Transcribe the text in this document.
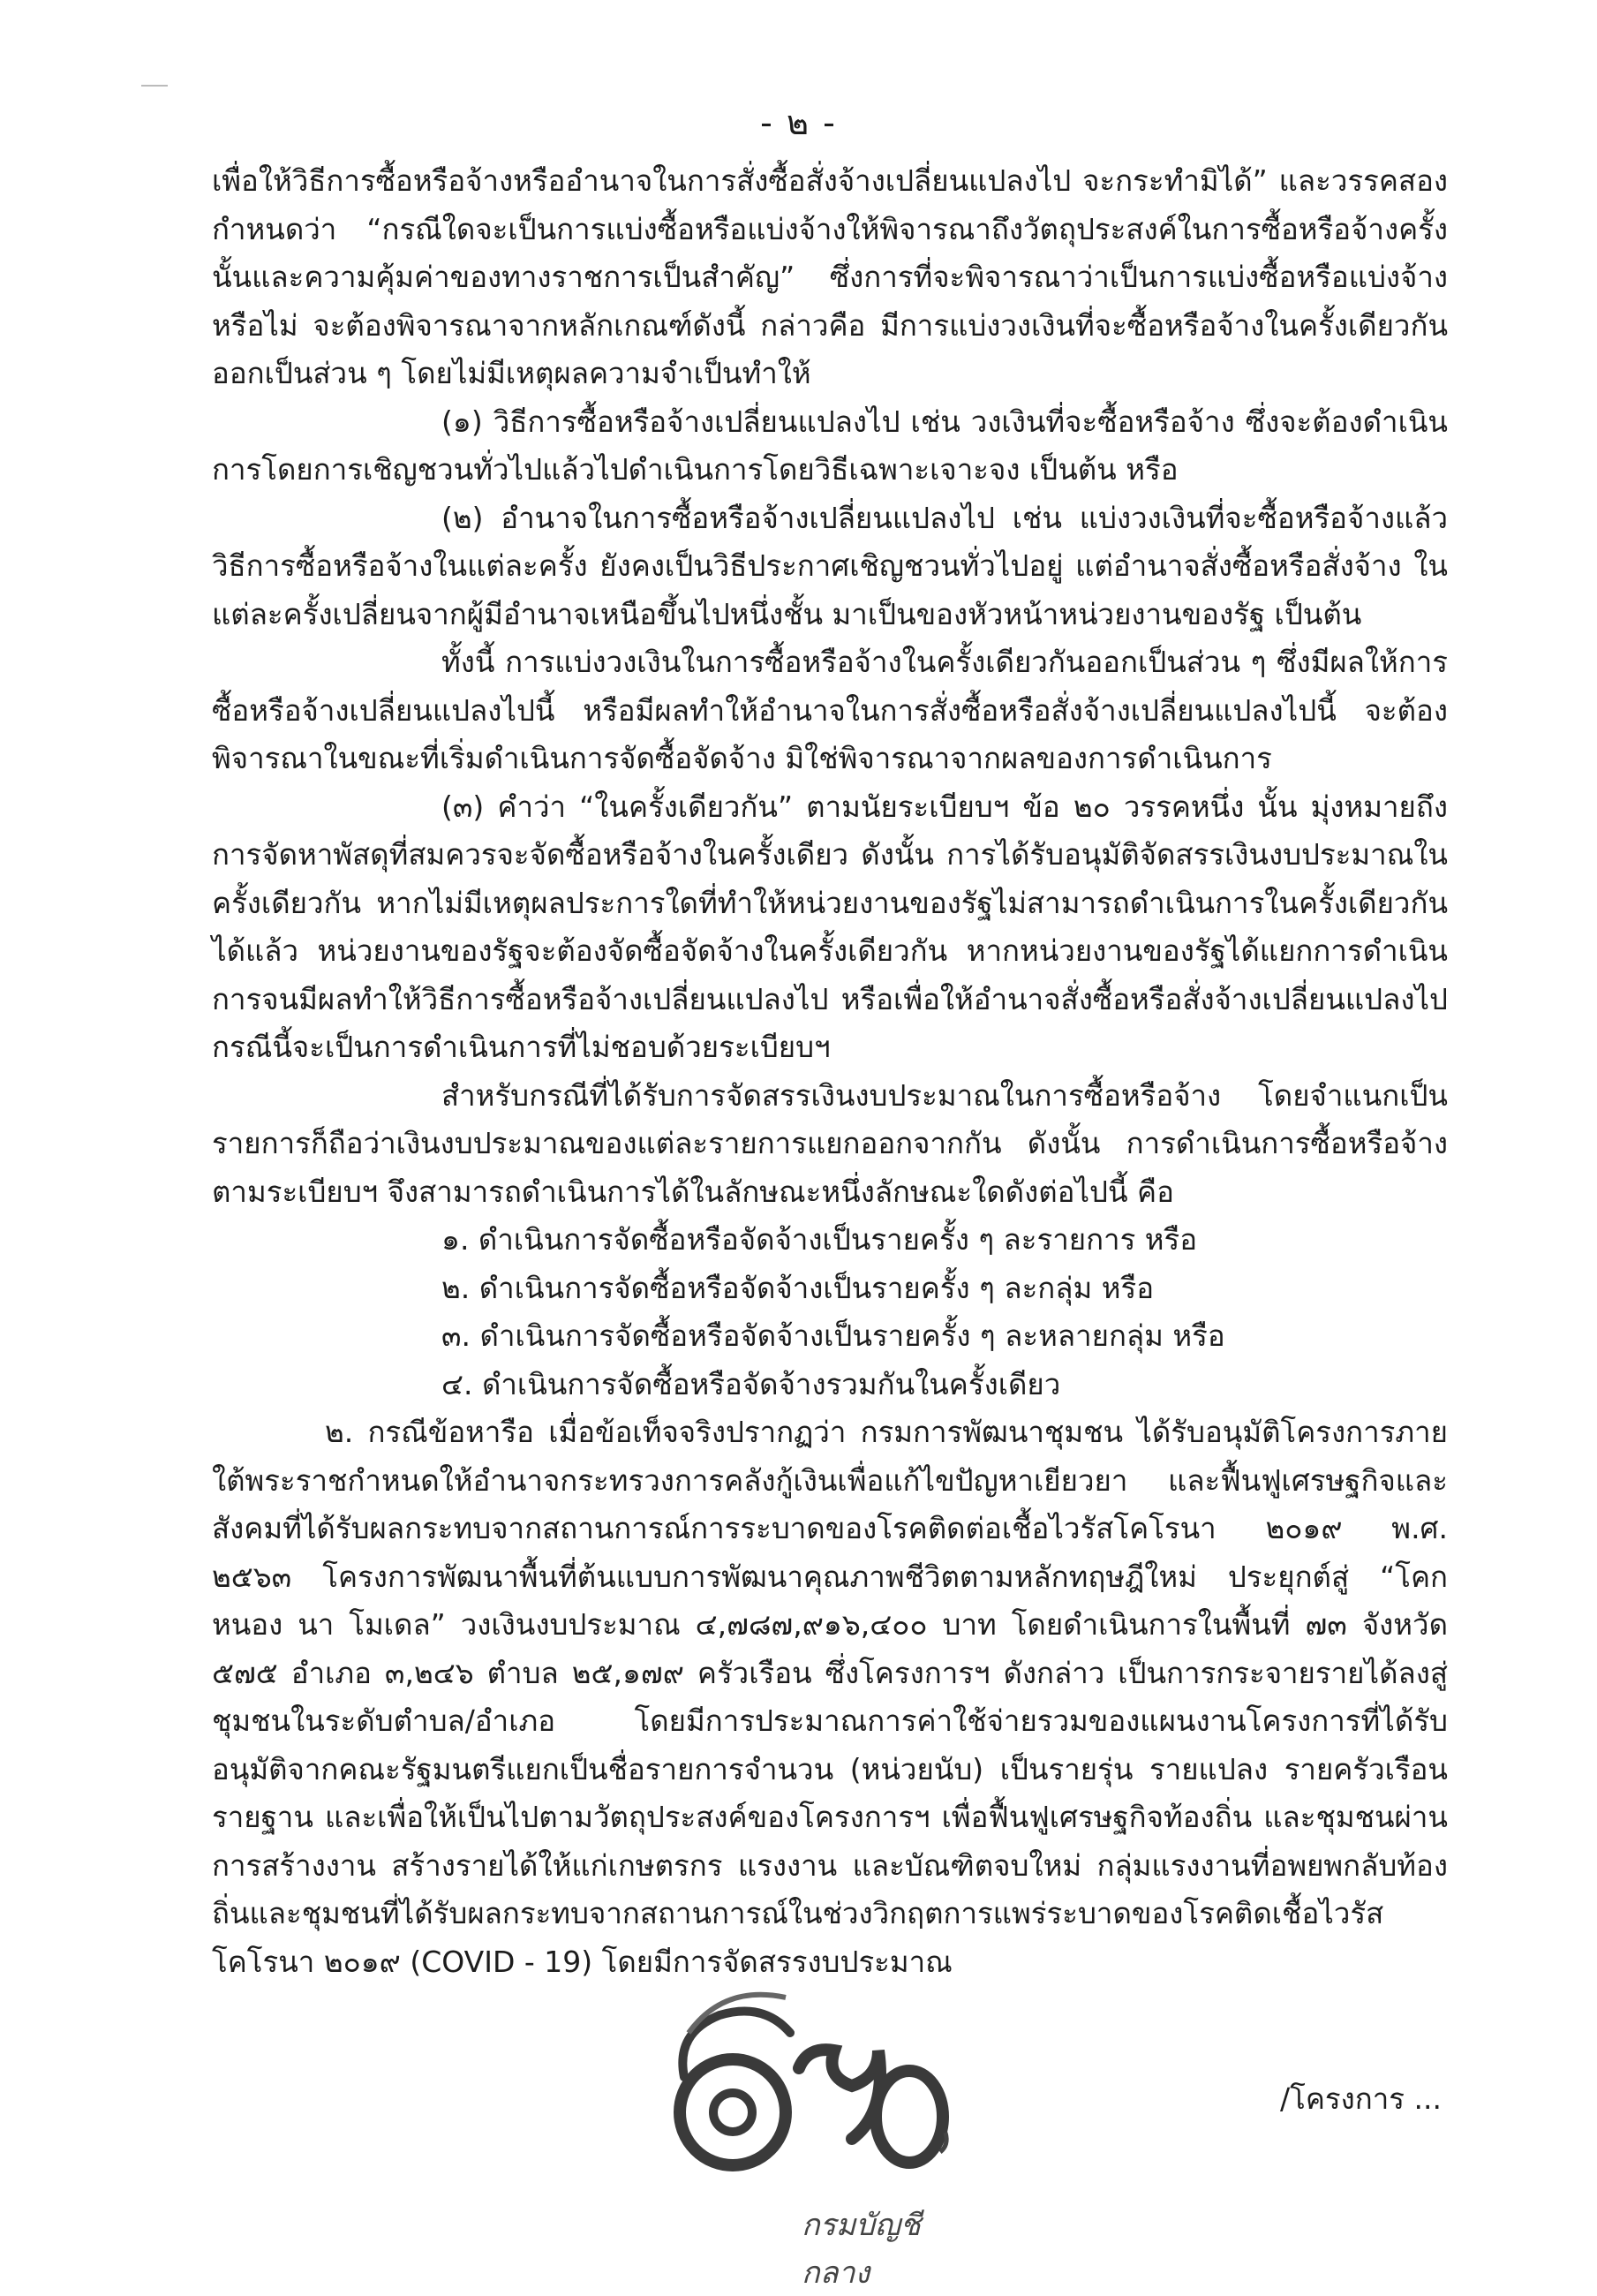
- ๒ -

เพื่อให้วิธีการซื้อหรือจ้างหรืออำนาจในการสั่งซื้อสั่งจ้างเปลี่ยนแปลงไป จะกระทำมิได้” และวรรคสอง กำหนดว่า “กรณีใดจะเป็นการแบ่งซื้อหรือแบ่งจ้างให้พิจารณาถึงวัตถุประสงค์ในการซื้อหรือจ้างครั้งนั้นและความคุ้มค่าของทางราชการเป็นสำคัญ” ซึ่งการที่จะพิจารณาว่าเป็นการแบ่งซื้อหรือแบ่งจ้างหรือไม่ จะต้องพิจารณาจากหลักเกณฑ์ดังนี้ กล่าวคือ มีการแบ่งวงเงินที่จะซื้อหรือจ้างในครั้งเดียวกันออกเป็นส่วน ๆ โดยไม่มีเหตุผลความจำเป็นทำให้

(๑) วิธีการซื้อหรือจ้างเปลี่ยนแปลงไป เช่น วงเงินที่จะซื้อหรือจ้าง ซึ่งจะต้องดำเนินการโดยการเชิญชวนทั่วไปแล้วไปดำเนินการโดยวิธีเฉพาะเจาะจง เป็นต้น หรือ

(๒) อำนาจในการซื้อหรือจ้างเปลี่ยนแปลงไป เช่น แบ่งวงเงินที่จะซื้อหรือจ้างแล้ววิธีการซื้อหรือจ้างในแต่ละครั้ง ยังคงเป็นวิธีประกาศเชิญชวนทั่วไปอยู่ แต่อำนาจสั่งซื้อหรือสั่งจ้าง ในแต่ละครั้งเปลี่ยนจากผู้มีอำนาจเหนือขึ้นไปหนึ่งชั้น มาเป็นของหัวหน้าหน่วยงานของรัฐ เป็นต้น

ทั้งนี้ การแบ่งวงเงินในการซื้อหรือจ้างในครั้งเดียวกันออกเป็นส่วน ๆ ซึ่งมีผลให้การซื้อหรือจ้างเปลี่ยนแปลงไปนี้ หรือมีผลทำให้อำนาจในการสั่งซื้อหรือสั่งจ้างเปลี่ยนแปลงไปนี้ จะต้องพิจารณาในขณะที่เริ่มดำเนินการจัดซื้อจัดจ้าง มิใช่พิจารณาจากผลของการดำเนินการ

(๓) คำว่า “ในครั้งเดียวกัน” ตามนัยระเบียบฯ ข้อ ๒๐ วรรคหนึ่ง นั้น มุ่งหมายถึง การจัดหาพัสดุที่สมควรจะจัดซื้อหรือจ้างในครั้งเดียว ดังนั้น การได้รับอนุมัติจัดสรรเงินงบประมาณในครั้งเดียวกัน หากไม่มีเหตุผลประการใดที่ทำให้หน่วยงานของรัฐไม่สามารถดำเนินการในครั้งเดียวกันได้แล้ว หน่วยงานของรัฐจะต้องจัดซื้อจัดจ้างในครั้งเดียวกัน หากหน่วยงานของรัฐได้แยกการดำเนินการจนมีผลทำให้วิธีการซื้อหรือจ้างเปลี่ยนแปลงไป หรือเพื่อให้อำนาจสั่งซื้อหรือสั่งจ้างเปลี่ยนแปลงไป กรณีนี้จะเป็นการดำเนินการที่ไม่ชอบด้วยระเบียบฯ

สำหรับกรณีที่ได้รับการจัดสรรเงินงบประมาณในการซื้อหรือจ้าง โดยจำแนกเป็นรายการก็ถือว่าเงินงบประมาณของแต่ละรายการแยกออกจากกัน ดังนั้น การดำเนินการซื้อหรือจ้างตามระเบียบฯ จึงสามารถดำเนินการได้ในลักษณะหนึ่งลักษณะใดดังต่อไปนี้ คือ

๑. ดำเนินการจัดซื้อหรือจัดจ้างเป็นรายครั้ง ๆ ละรายการ หรือ

๒. ดำเนินการจัดซื้อหรือจัดจ้างเป็นรายครั้ง ๆ ละกลุ่ม หรือ

๓. ดำเนินการจัดซื้อหรือจัดจ้างเป็นรายครั้ง ๆ ละหลายกลุ่ม หรือ

๔. ดำเนินการจัดซื้อหรือจัดจ้างรวมกันในครั้งเดียว

๒. กรณีข้อหารือ เมื่อข้อเท็จจริงปรากฏว่า กรมการพัฒนาชุมชน ได้รับอนุมัติโครงการภายใต้พระราชกำหนดให้อำนาจกระทรวงการคลังกู้เงินเพื่อแก้ไขปัญหาเยียวยา และฟื้นฟูเศรษฐกิจและสังคมที่ได้รับผลกระทบจากสถานการณ์การระบาดของโรคติดต่อเชื้อไวรัสโคโรนา ๒๐๑๙ พ.ศ. ๒๕๖๓ โครงการพัฒนาพื้นที่ต้นแบบการพัฒนาคุณภาพชีวิตตามหลักทฤษฎีใหม่ ประยุกต์สู่ “โคก หนอง นา โมเดล” วงเงินงบประมาณ ๔,๗๘๗,๙๑๖,๔๐๐ บาท โดยดำเนินการในพื้นที่ ๗๓ จังหวัด ๕๗๕ อำเภอ ๓,๒๔๖ ตำบล ๒๕,๑๗๙ ครัวเรือน ซึ่งโครงการฯ ดังกล่าว เป็นการกระจายรายได้ลงสู่ชุมชนในระดับตำบล/อำเภอ โดยมีการประมาณการค่าใช้จ่ายรวมของแผนงานโครงการที่ได้รับอนุมัติจากคณะรัฐมนตรีแยกเป็นชื่อรายการจำนวน (หน่วยนับ) เป็นรายรุ่น รายแปลง รายครัวเรือน รายฐาน และเพื่อให้เป็นไปตามวัตถุประสงค์ของโครงการฯ เพื่อฟื้นฟูเศรษฐกิจท้องถิ่น และชุมชนผ่านการสร้างงาน สร้างรายได้ให้แก่เกษตรกร แรงงาน และบัณฑิตจบใหม่ กลุ่มแรงงานที่อพยพกลับท้องถิ่นและชุมชนที่ได้รับผลกระทบจากสถานการณ์ในช่วงวิกฤตการแพร่ระบาดของโรคติดเชื้อไวรัสโคโรนา ๒๐๑๙ (COVID - 19) โดยมีการจัดสรรงบประมาณ

/โครงการ ...
กรมบัญชีกลาง
